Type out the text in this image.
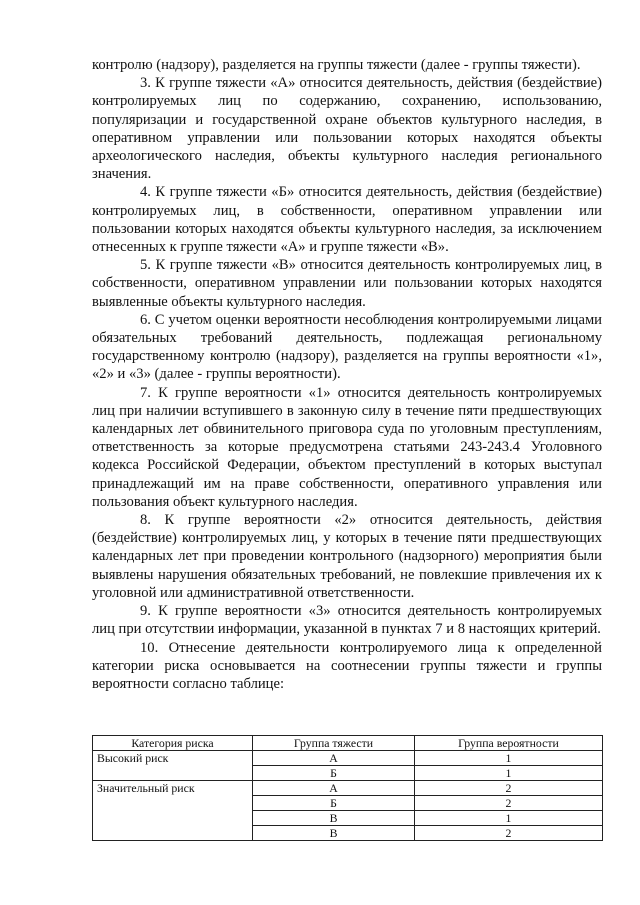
контролю (надзору), разделяется на группы тяжести (далее - группы тяжести).

3. К группе тяжести «А» относится деятельность, действия (бездействие) контролируемых лиц по содержанию, сохранению, использованию, популяризации и государственной охране объектов культурного наследия, в оперативном управлении или пользовании которых находятся объекты археологического наследия, объекты культурного наследия регионального значения.

4. К группе тяжести «Б» относится деятельность, действия (бездействие) контролируемых лиц, в собственности, оперативном управлении или пользовании которых находятся объекты культурного наследия, за исключением отнесенных к группе тяжести «А» и группе тяжести «В».

5. К группе тяжести «В» относится деятельность контролируемых лиц, в собственности, оперативном управлении или пользовании которых находятся выявленные объекты культурного наследия.

6. С учетом оценки вероятности несоблюдения контролируемыми лицами обязательных требований деятельность, подлежащая региональному государственному контролю (надзору), разделяется на группы вероятности «1», «2» и «3» (далее - группы вероятности).

7. К группе вероятности «1» относится деятельность контролируемых лиц при наличии вступившего в законную силу в течение пяти предшествующих календарных лет обвинительного приговора суда по уголовным преступлениям, ответственность за которые предусмотрена статьями 243-243.4 Уголовного кодекса Российской Федерации, объектом преступлений в которых выступал принадлежащий им на праве собственности, оперативного управления или пользования объект культурного наследия.

8. К группе вероятности «2» относится деятельность, действия (бездействие) контролируемых лиц, у которых в течение пяти предшествующих календарных лет при проведении контрольного (надзорного) мероприятия были выявлены нарушения обязательных требований, не повлекшие привлечения их к уголовной или административной ответственности.

9. К группе вероятности «3» относится деятельность контролируемых лиц при отсутствии информации, указанной в пунктах 7 и 8 настоящих критерий.

10. Отнесение деятельности контролируемого лица к определенной категории риска основывается на соотнесении группы тяжести и группы вероятности согласно таблице:

Категория риска	Группа тяжести	Группа вероятности
Высокий риск	А	1
	Б	1
Значительный риск	А	2
	Б	2
	В	1
	В	2
